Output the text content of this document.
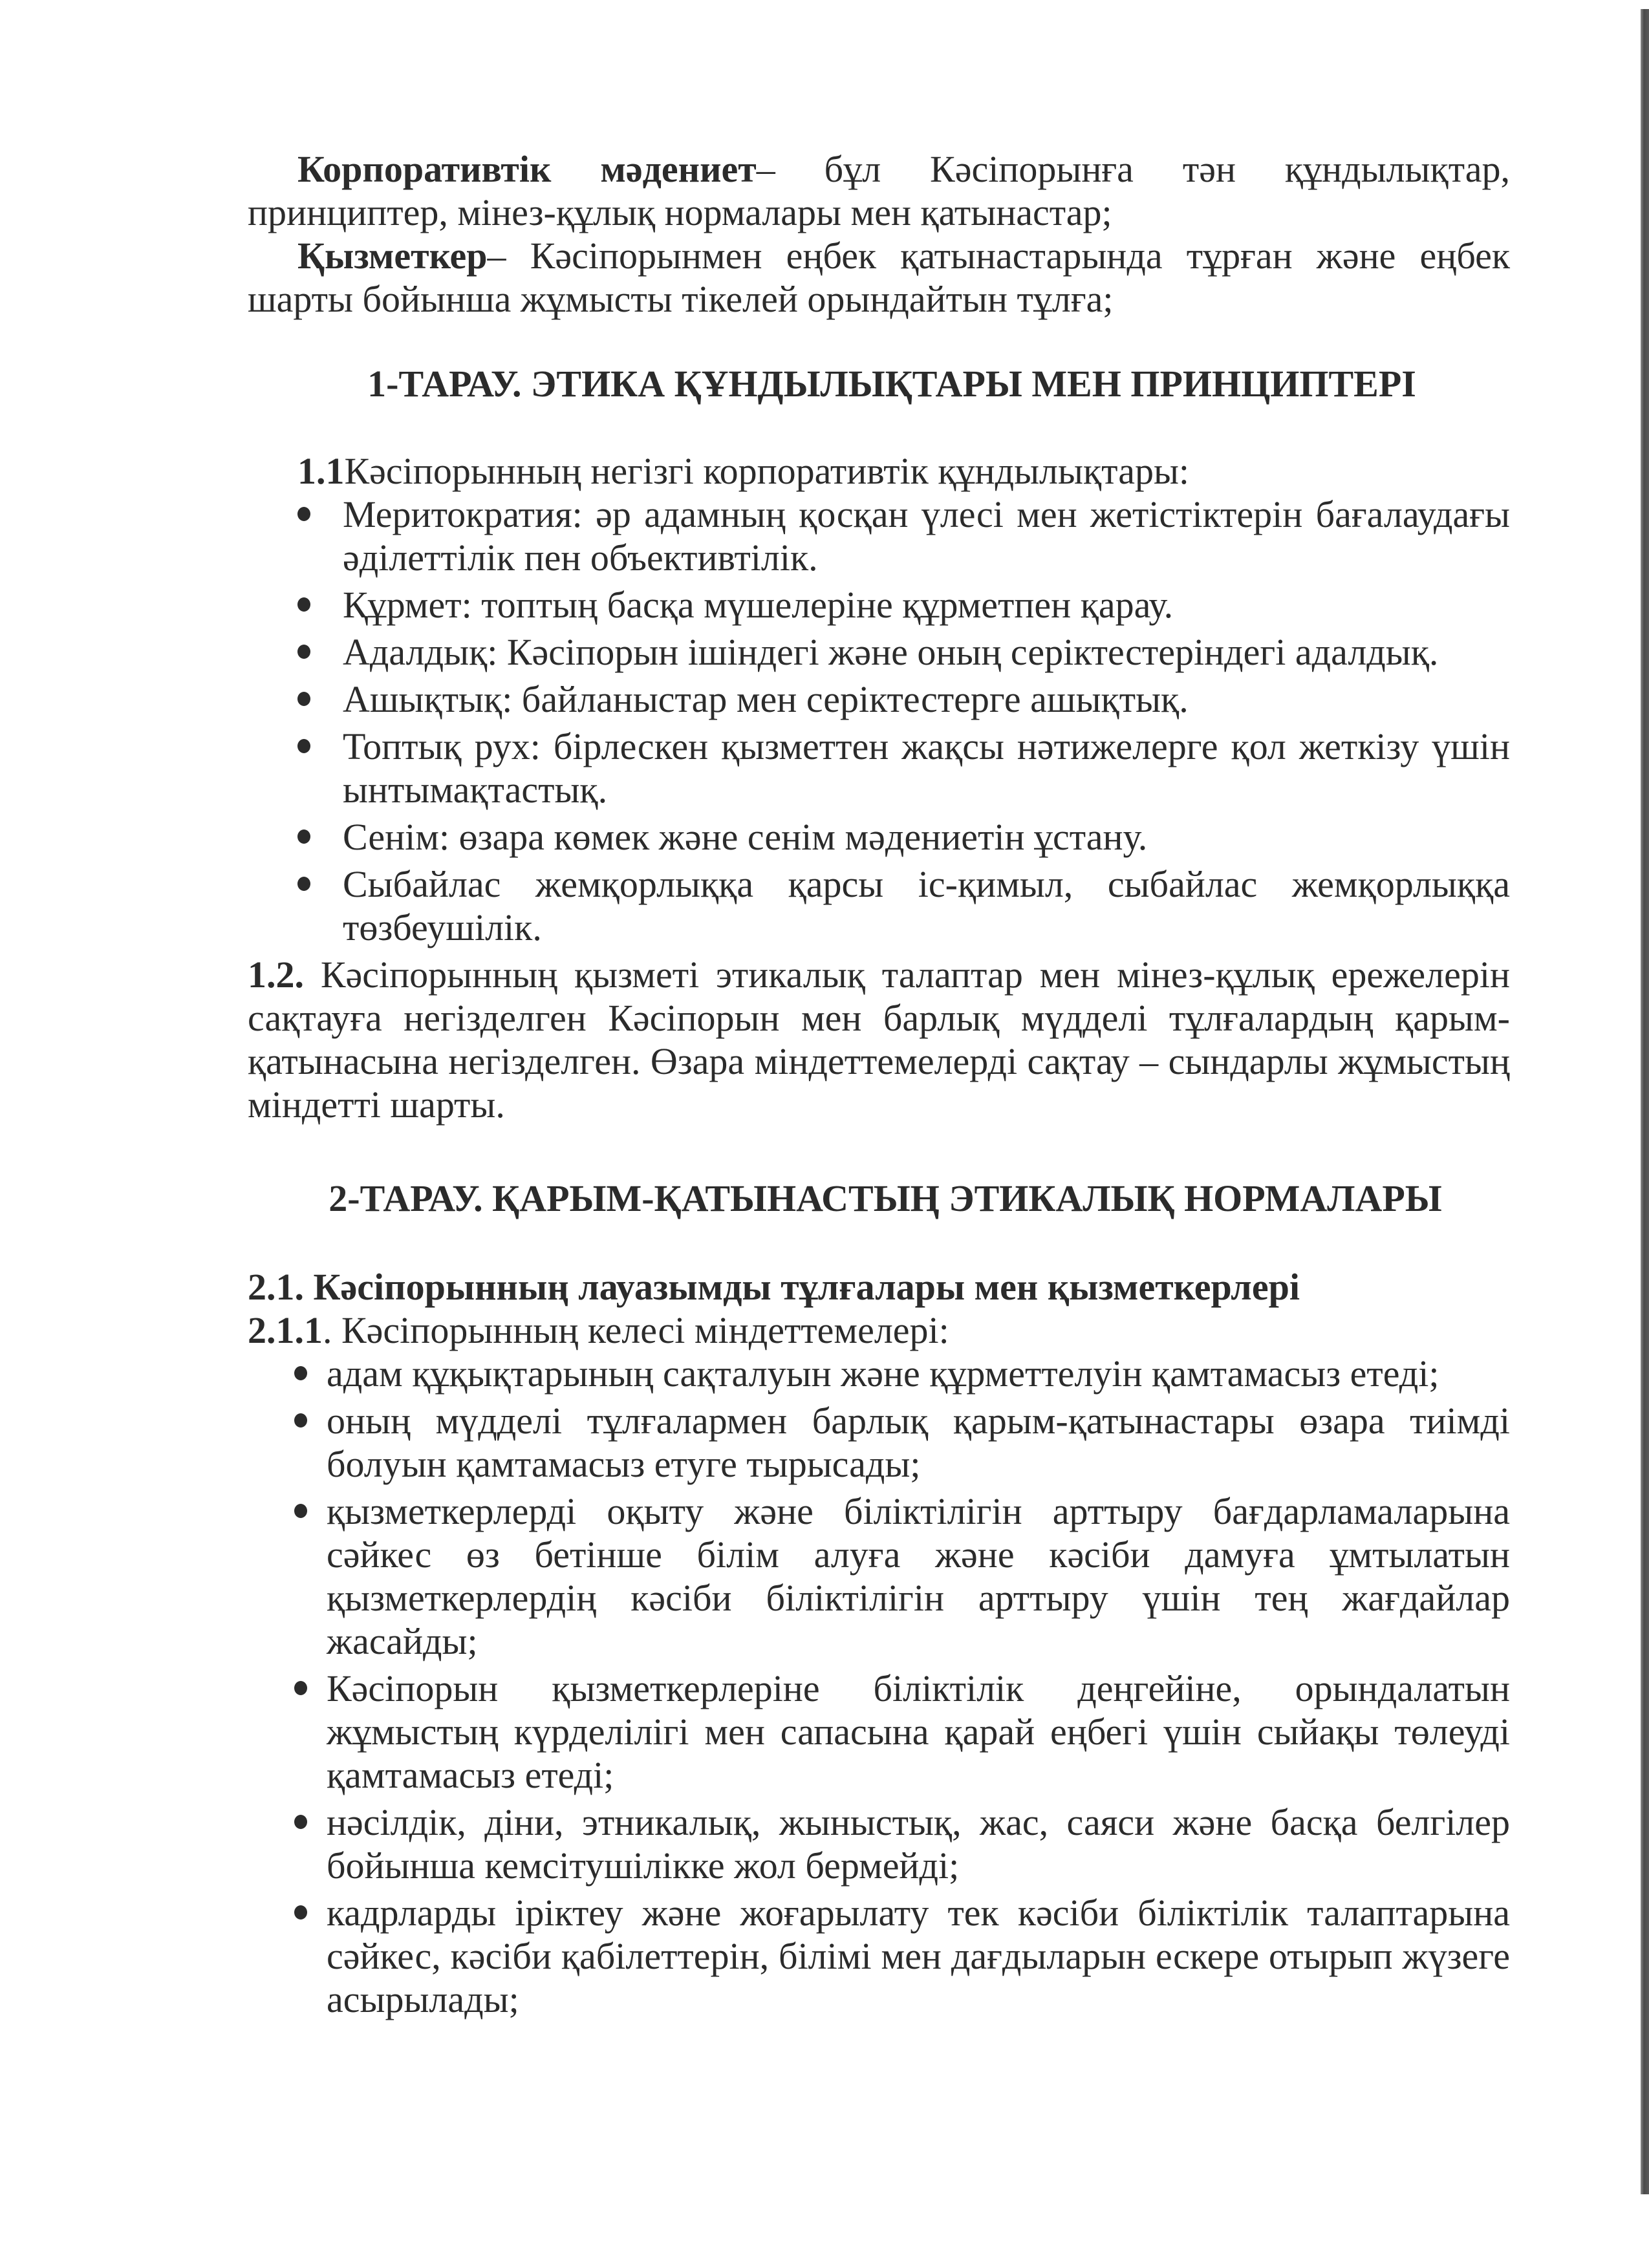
Корпоративтік мәдениет– бұл Кәсіпорынға тән құндылықтар, принциптер, мінез-құлық нормалары мен қатынастар;

Қызметкер– Кәсіпорынмен еңбек қатынастарында тұрған және еңбек шарты бойынша жұмысты тікелей орындайтын тұлға;

1-ТАРАУ. ЭТИКА ҚҰНДЫЛЫҚТАРЫ МЕН ПРИНЦИПТЕРІ

1.1Кәсіпорынның негізгі корпоративтік құндылықтары:

Меритократия: әр адамның қосқан үлесі мен жетістіктерін бағалаудағы әділеттілік пен объективтілік.
Құрмет: топтың басқа мүшелеріне құрметпен қарау.
Адалдық: Кәсіпорын ішіндегі және оның серіктестеріндегі адалдық.
Ашықтық: байланыстар мен серіктестерге ашықтық.
Топтық рух: бірлескен қызметтен жақсы нәтижелерге қол жеткізу үшін ынтымақтастық.
Сенім: өзара көмек және сенім мәдениетін ұстану.
Сыбайлас жемқорлыққа қарсы іс-қимыл, сыбайлас жемқорлыққа төзбеушілік.

1.2. Кәсіпорынның қызметі этикалық талаптар мен мінез-құлық ережелерін сақтауға негізделген Кәсіпорын мен барлық мүдделі тұлғалардың қарым-қатынасына негізделген. Өзара міндеттемелерді сақтау – сындарлы жұмыстың міндетті шарты.

2-ТАРАУ. ҚАРЫМ-ҚАТЫНАСТЫҢ ЭТИКАЛЫҚ НОРМАЛАРЫ

2.1. Кәсіпорынның лауазымды тұлғалары мен қызметкерлері

2.1.1. Кәсіпорынның келесі міндеттемелері:

адам құқықтарының сақталуын және құрметтелуін қамтамасыз етеді;
оның мүдделі тұлғалармен барлық қарым-қатынастары өзара тиімді болуын қамтамасыз етуге тырысады;
қызметкерлерді оқыту және біліктілігін арттыру бағдарламаларына сәйкес өз бетінше білім алуға және кәсіби дамуға ұмтылатын қызметкерлердің кәсіби біліктілігін арттыру үшін тең жағдайлар жасайды;
Кәсіпорын қызметкерлеріне біліктілік деңгейіне, орындалатын жұмыстың күрделілігі мен сапасына қарай еңбегі үшін сыйақы төлеуді қамтамасыз етеді;
нәсілдік, діни, этникалық, жыныстық, жас, саяси және басқа белгілер бойынша кемсітушілікке жол бермейді;
кадрларды іріктеу және жоғарылату тек кәсіби біліктілік талаптарына сәйкес, кәсіби қабілеттерін, білімі мен дағдыларын ескере отырып жүзеге асырылады;
